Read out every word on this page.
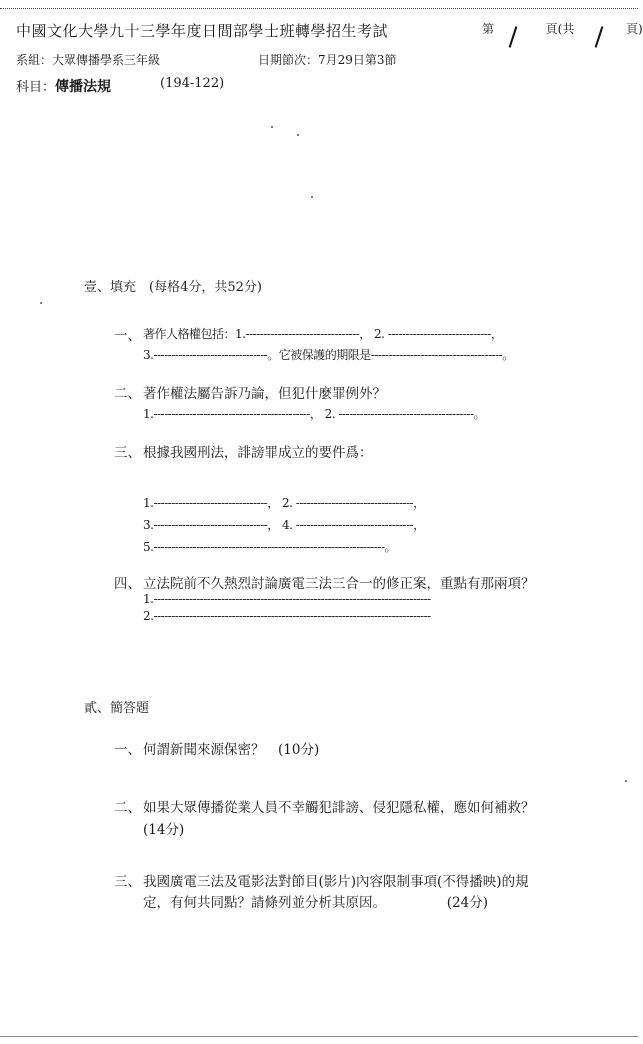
中國文化大學九十三學年度日間部學士班轉學招生考試	第	頁(共	頁)
系組：大眾傳播學系三年級	日期節次：7月29日第3節
科目：傳播法規	(194-122)
壹、填充　(每格4分，共52分)
一、 著作人格權包括：1.--------------------------------， 2. -----------------------------，
3.--------------------------------。它被保護的期限是-------------------------------------。
二、 著作權法屬告訴乃論，但犯什麼罪例外？
1.--------------------------------------------， 2. --------------------------------------。
三、 根據我國刑法，誹謗罪成立的要件爲：
1.--------------------------------， 2. ---------------------------------，
3.--------------------------------， 4. ---------------------------------，
5.-----------------------------------------------------------------。
四、 立法院前不久熱烈討論廣電三法三合一的修正案，重點有那兩項？
1.------------------------------------------------------------------------------
2.------------------------------------------------------------------------------
貳、簡答題
一、 何謂新聞來源保密？　(10分)
二、 如果大眾傳播從業人員不幸觸犯誹謗、侵犯隱私權，應如何補救？
(14分)
三、 我國廣電三法及電影法對節目(影片)內容限制事項(不得播映)的規
定，有何共同點？請條列並分析其原因。　　　　　(24分)
